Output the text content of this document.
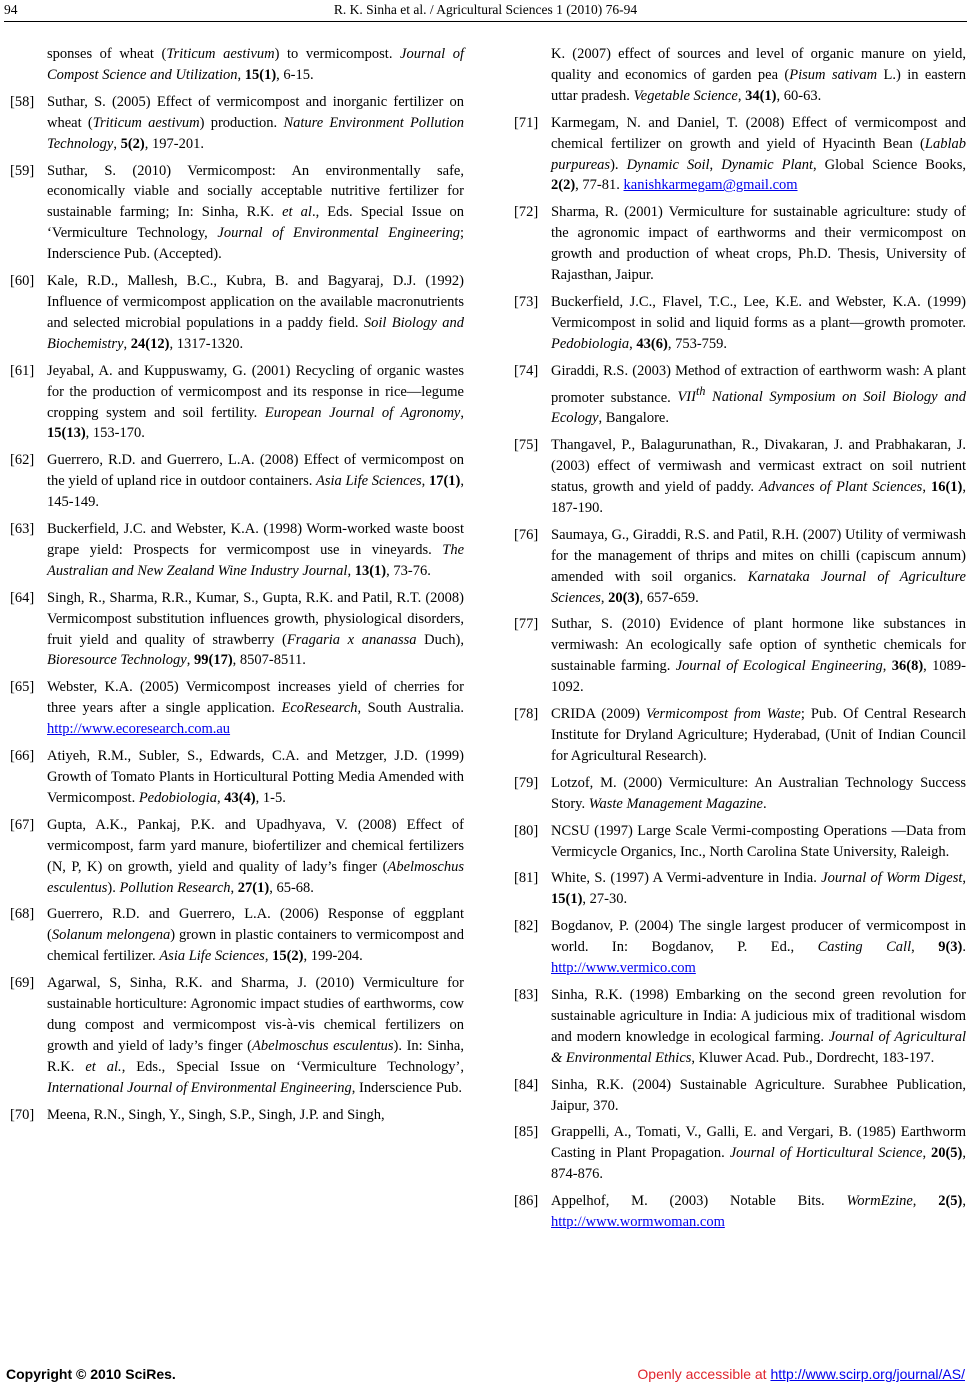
94	R. K. Sinha et al. / Agricultural Sciences 1 (2010) 76-94
sponses of wheat (Triticum aestivum) to vermicompost. Journal of Compost Science and Utilization, 15(1), 6-15.
[58] Suthar, S. (2005) Effect of vermicompost and inorganic fertilizer on wheat (Triticum aestivum) production. Nature Environment Pollution Technology, 5(2), 197-201.
[59] Suthar, S. (2010) Vermicompost: An environmentally safe, economically viable and socially acceptable nutritive fertilizer for sustainable farming; In: Sinha, R.K. et al., Eds. Special Issue on ‘Vermiculture Technology, Journal of Environmental Engineering; Inderscience Pub. (Accepted).
[60] Kale, R.D., Mallesh, B.C., Kubra, B. and Bagyaraj, D.J. (1992) Influence of vermicompost application on the available macronutrients and selected microbial populations in a paddy field. Soil Biology and Biochemistry, 24(12), 1317-1320.
[61] Jeyabal, A. and Kuppuswamy, G. (2001) Recycling of organic wastes for the production of vermicompost and its response in rice—legume cropping system and soil fertility. European Journal of Agronomy, 15(13), 153-170.
[62] Guerrero, R.D. and Guerrero, L.A. (2008) Effect of vermicompost on the yield of upland rice in outdoor containers. Asia Life Sciences, 17(1), 145-149.
[63] Buckerfield, J.C. and Webster, K.A. (1998) Worm-worked waste boost grape yield: Prospects for vermicompost use in vineyards. The Australian and New Zealand Wine Industry Journal, 13(1), 73-76.
[64] Singh, R., Sharma, R.R., Kumar, S., Gupta, R.K. and Patil, R.T. (2008) Vermicompost substitution influences growth, physiological disorders, fruit yield and quality of strawberry (Fragaria x ananassa Duch), Bioresource Technology, 99(17), 8507-8511.
[65] Webster, K.A. (2005) Vermicompost increases yield of cherries for three years after a single application. EcoResearch, South Australia. http://www.ecoresearch.com.au
[66] Atiyeh, R.M., Subler, S., Edwards, C.A. and Metzger, J.D. (1999) Growth of Tomato Plants in Horticultural Potting Media Amended with Vermicompost. Pedobiologia, 43(4), 1-5.
[67] Gupta, A.K., Pankaj, P.K. and Upadhyava, V. (2008) Effect of vermicompost, farm yard manure, biofertilizer and chemical fertilizers (N, P, K) on growth, yield and quality of lady’s finger (Abelmoschus esculentus). Pollution Research, 27(1), 65-68.
[68] Guerrero, R.D. and Guerrero, L.A. (2006) Response of eggplant (Solanum melongena) grown in plastic containers to vermicompost and chemical fertilizer. Asia Life Sciences, 15(2), 199-204.
[69] Agarwal, S, Sinha, R.K. and Sharma, J. (2010) Vermiculture for sustainable horticulture: Agronomic impact studies of earthworms, cow dung compost and vermicompost vis-à-vis chemical fertilizers on growth and yield of lady’s finger (Abelmoschus esculentus). In: Sinha, R.K. et al., Eds., Special Issue on ‘Vermiculture Technology’, International Journal of Environmental Engineering, Inderscience Pub.
[70] Meena, R.N., Singh, Y., Singh, S.P., Singh, J.P. and Singh,
K. (2007) effect of sources and level of organic manure on yield, quality and economics of garden pea (Pisum sativam L.) in eastern uttar pradesh. Vegetable Science, 34(1), 60-63.
[71] Karmegam, N. and Daniel, T. (2008) Effect of vermicompost and chemical fertilizer on growth and yield of Hyacinth Bean (Lablab purpureas). Dynamic Soil, Dynamic Plant, Global Science Books, 2(2), 77-81. kanishkarmegam@gmail.com
[72] Sharma, R. (2001) Vermiculture for sustainable agriculture: study of the agronomic impact of earthworms and their vermicompost on growth and production of wheat crops, Ph.D. Thesis, University of Rajasthan, Jaipur.
[73] Buckerfield, J.C., Flavel, T.C., Lee, K.E. and Webster, K.A. (1999) Vermicompost in solid and liquid forms as a plant—growth promoter. Pedobiologia, 43(6), 753-759.
[74] Giraddi, R.S. (2003) Method of extraction of earthworm wash: A plant promoter substance. VIIth National Symposium on Soil Biology and Ecology, Bangalore.
[75] Thangavel, P., Balagurunathan, R., Divakaran, J. and Prabhakaran, J. (2003) effect of vermiwash and vermicast extract on soil nutrient status, growth and yield of paddy. Advances of Plant Sciences, 16(1), 187-190.
[76] Saumaya, G., Giraddi, R.S. and Patil, R.H. (2007) Utility of vermiwash for the management of thrips and mites on chilli (capiscum annum) amended with soil organics. Karnataka Journal of Agriculture Sciences, 20(3), 657-659.
[77] Suthar, S. (2010) Evidence of plant hormone like substances in vermiwash: An ecologically safe option of synthetic chemicals for sustainable farming. Journal of Ecological Engineering, 36(8), 1089-1092.
[78] CRIDA (2009) Vermicompost from Waste; Pub. Of Central Research Institute for Dryland Agriculture; Hyderabad, (Unit of Indian Council for Agricultural Research).
[79] Lotzof, M. (2000) Vermiculture: An Australian Technology Success Story. Waste Management Magazine.
[80] NCSU (1997) Large Scale Vermi-composting Operations —Data from Vermicycle Organics, Inc., North Carolina State University, Raleigh.
[81] White, S. (1997) A Vermi-adventure in India. Journal of Worm Digest, 15(1), 27-30.
[82] Bogdanov, P. (2004) The single largest producer of vermicompost in world. In: Bogdanov, P. Ed., Casting Call, 9(3). http://www.vermico.com
[83] Sinha, R.K. (1998) Embarking on the second green revolution for sustainable agriculture in India: A judicious mix of traditional wisdom and modern knowledge in ecological farming. Journal of Agricultural & Environmental Ethics, Kluwer Acad. Pub., Dordrecht, 183-197.
[84] Sinha, R.K. (2004) Sustainable Agriculture. Surabhee Publication, Jaipur, 370.
[85] Grappelli, A., Tomati, V., Galli, E. and Vergari, B. (1985) Earthworm Casting in Plant Propagation. Journal of Horticultural Science, 20(5), 874-876.
[86] Appelhof, M. (2003) Notable Bits. WormEzine, 2(5), http://www.wormwoman.com
Copyright © 2010 SciRes.	Openly accessible at http://www.scirp.org/journal/AS/
